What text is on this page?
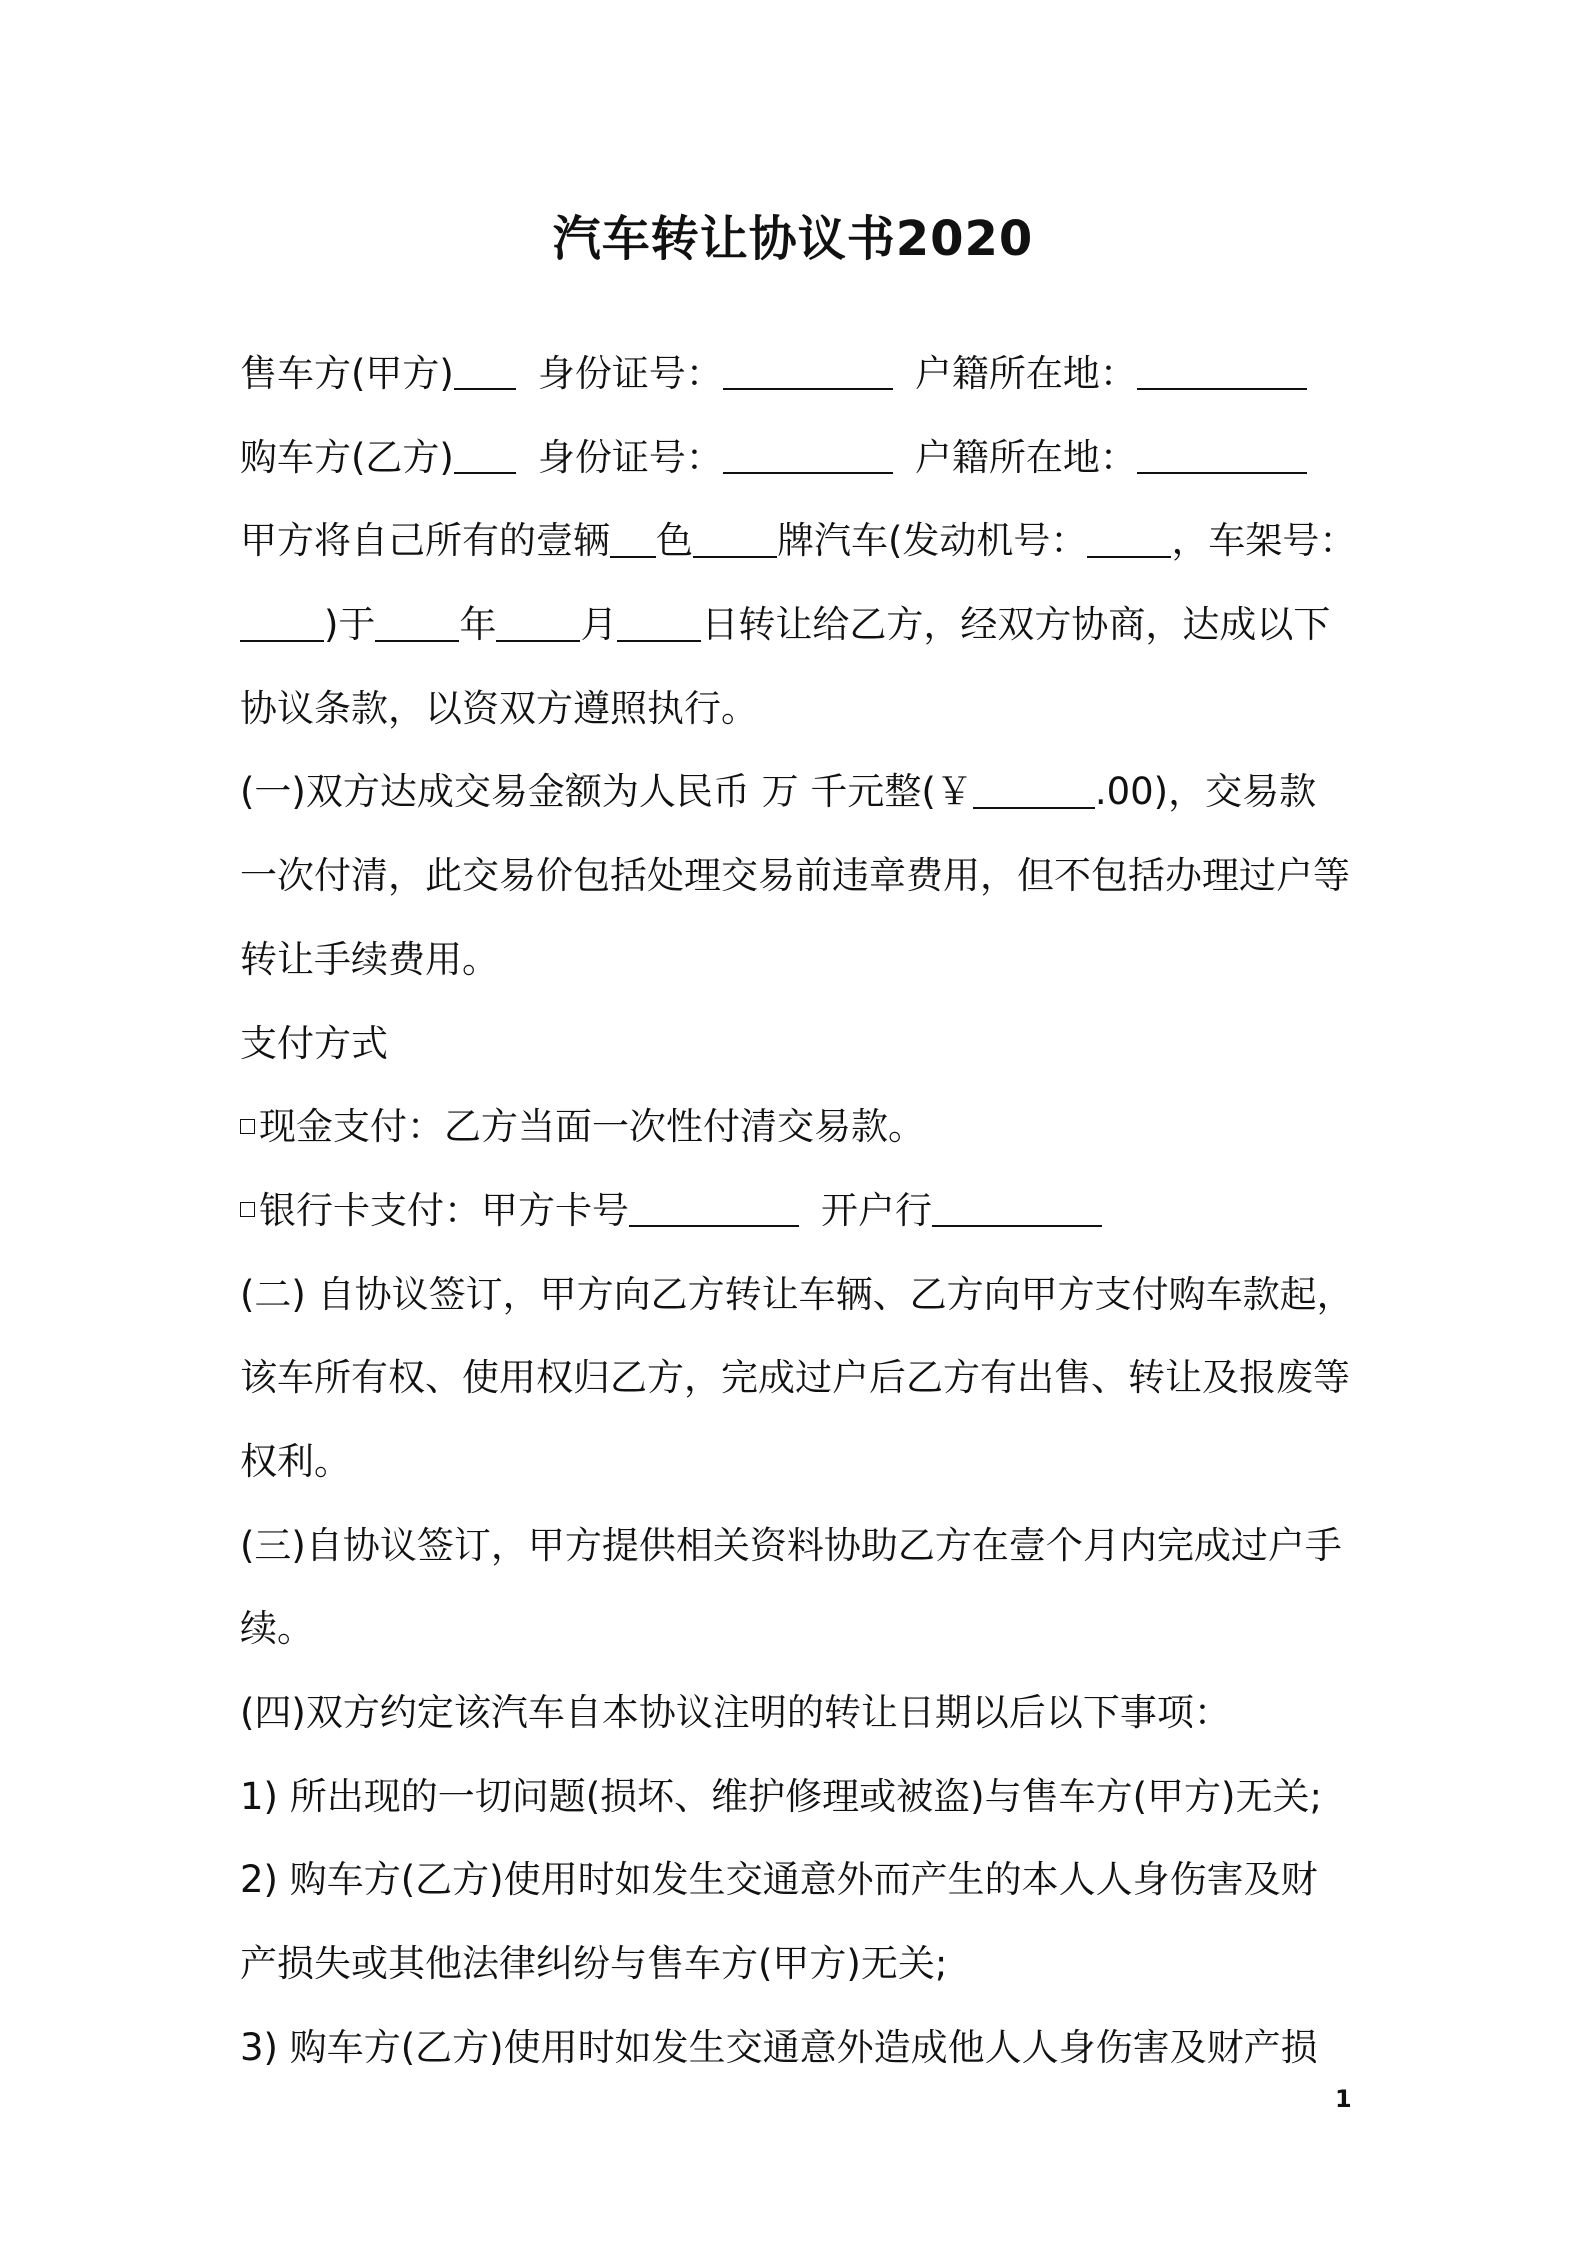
汽车转让协议书2020
售车方(甲方) 身份证号：	户籍所在地：
购车方(乙方) 身份证号：	户籍所在地：
甲方将自己所有的壹辆 色 牌汽车(发动机号： ，车架号：
)于 年 月 日转让给乙方，经双方协商，达成以下
协议条款，以资双方遵照执行。
(一)双方达成交易金额为人民币 万 千元整(￥	.00)，交易款
一次付清，此交易价包括处理交易前违章费用，但不包括办理过户等
转让手续费用。
支付方式
现金支付：乙方当面一次性付清交易款。
银行卡支付：甲方卡号	开户行
(二) 自协议签订，甲方向乙方转让车辆、乙方向甲方支付购车款起，
该车所有权、使用权归乙方，完成过户后乙方有出售、转让及报废等
权利。
(三)自协议签订，甲方提供相关资料协助乙方在壹个月内完成过户手
续。
(四)双方约定该汽车自本协议注明的转让日期以后以下事项：
1) 所出现的一切问题(损坏、维护修理或被盗)与售车方(甲方)无关;
2) 购车方(乙方)使用时如发生交通意外而产生的本人人身伤害及财
产损失或其他法律纠纷与售车方(甲方)无关;
3) 购车方(乙方)使用时如发生交通意外造成他人人身伤害及财产损
1
